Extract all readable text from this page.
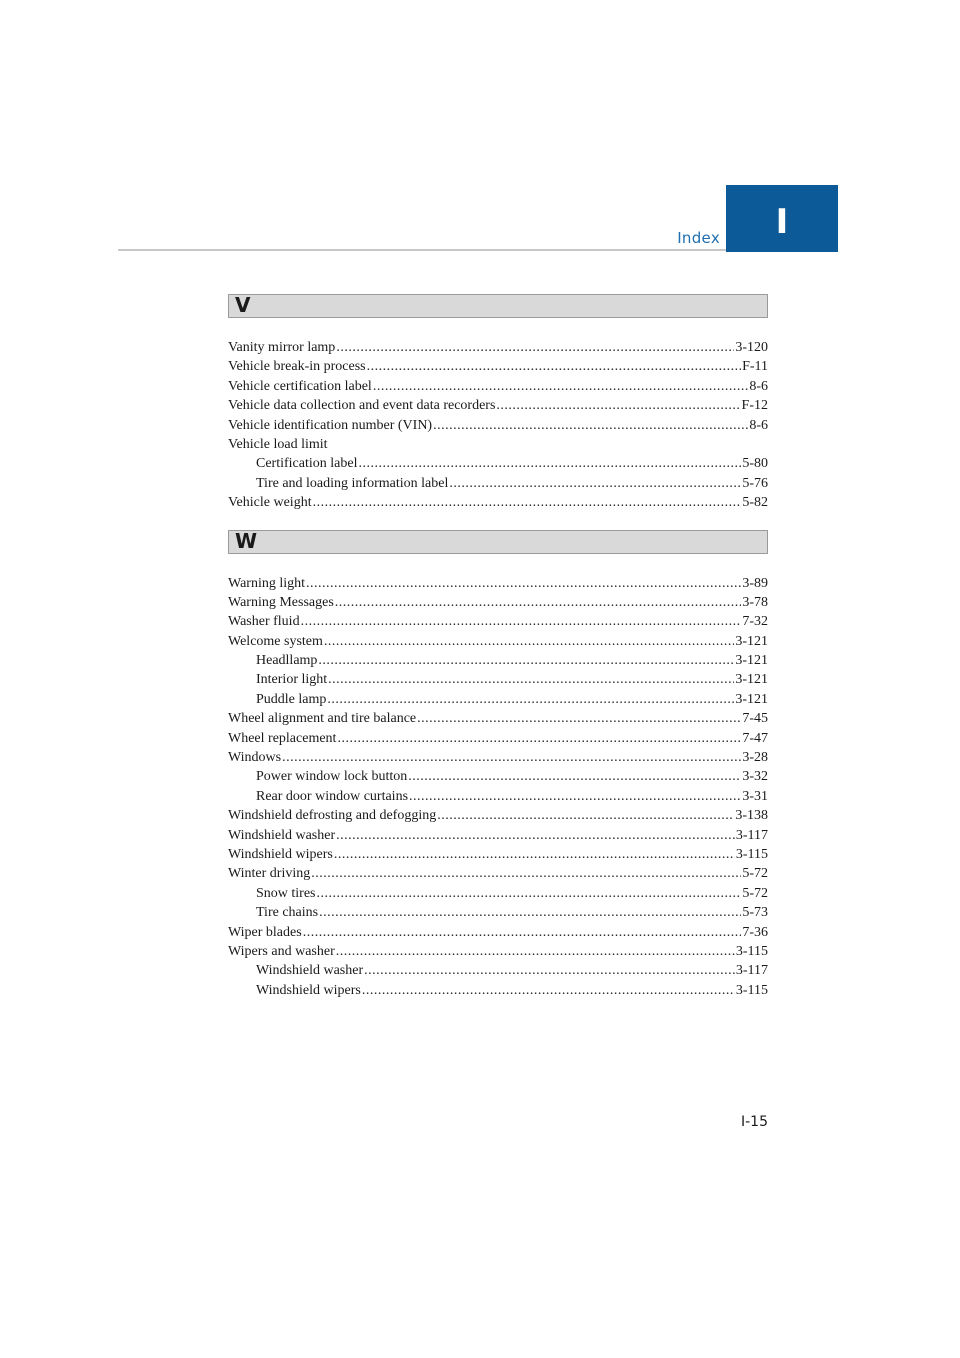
Index	I
V
Vanity mirror lamp .....	3-120
Vehicle break-in process .....	F-11
Vehicle certification label .....	8-6
Vehicle data collection and event data recorders .....	F-12
Vehicle identification number (VIN) .....	8-6
Vehicle load limit
Certification label .....	5-80
Tire and loading information label .....	5-76
Vehicle weight .....	5-82
W
Warning light .....	3-89
Warning Messages .....	3-78
Washer fluid .....	7-32
Welcome system .....	3-121
Headllamp .....	3-121
Interior light .....	3-121
Puddle lamp .....	3-121
Wheel alignment and tire balance .....	7-45
Wheel replacement .....	7-47
Windows .....	3-28
Power window lock button .....	3-32
Rear door window curtains .....	3-31
Windshield defrosting and defogging .....	3-138
Windshield washer .....	3-117
Windshield wipers .....	3-115
Winter driving .....	5-72
Snow tires .....	5-72
Tire chains .....	5-73
Wiper blades .....	7-36
Wipers and washer .....	3-115
Windshield washer .....	3-117
Windshield wipers .....	3-115
I-15
